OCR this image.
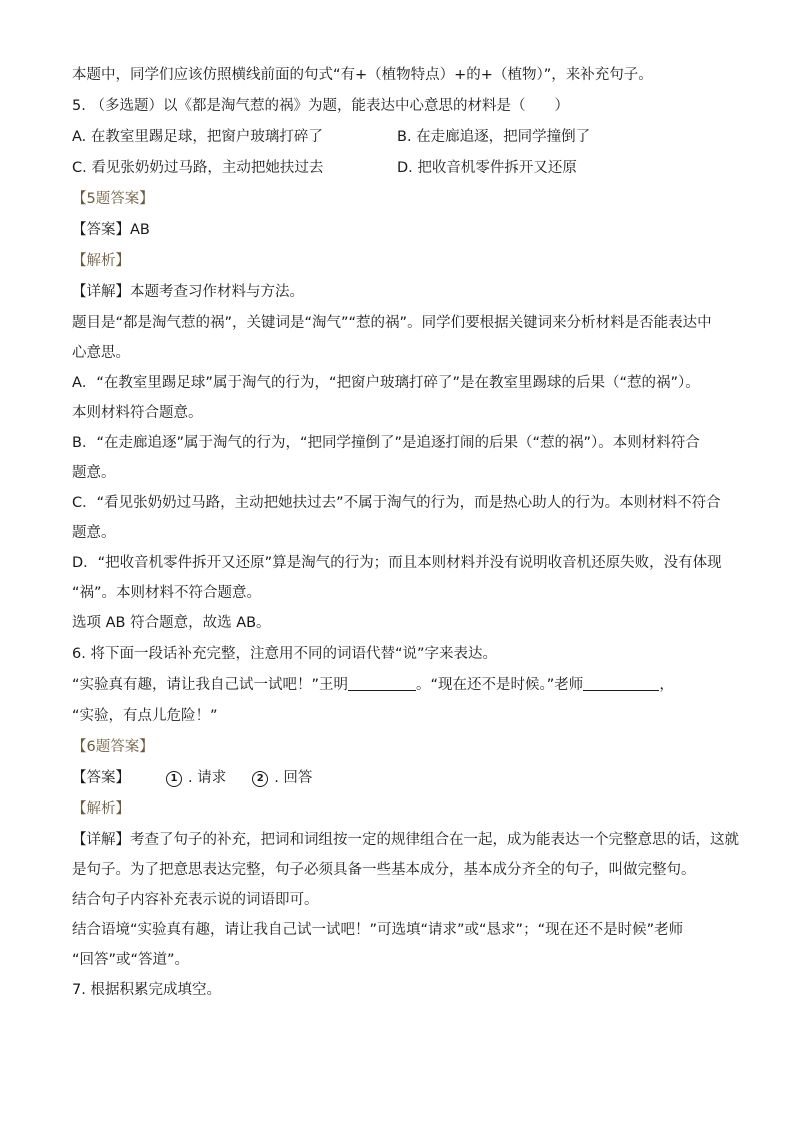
本题中，同学们应该仿照横线前面的句式“有+（植物特点）+的+（植物）”，来补充句子。
5. （多选题）以《都是淘气惹的祸》为题，能表达中心意思的材料是（　　）
A. 在教室里踢足球，把窗户玻璃打碎了	B. 在走廊追逐，把同学撞倒了
C. 看见张奶奶过马路，主动把她扶过去	D. 把收音机零件拆开又还原
【5题答案】
【答案】AB
【解析】
【详解】本题考查习作材料与方法。
题目是“都是淘气惹的祸”，关键词是“淘气”“惹的祸”。同学们要根据关键词来分析材料是否能表达中
心意思。
A．“在教室里踢足球”属于淘气的行为，“把窗户玻璃打碎了”是在教室里踢球的后果（“惹的祸”）。
本则材料符合题意。
B．“在走廊追逐”属于淘气的行为，“把同学撞倒了”是追逐打闹的后果（“惹的祸”）。本则材料符合
题意。
C．“看见张奶奶过马路，主动把她扶过去”不属于淘气的行为，而是热心助人的行为。本则材料不符合
题意。
D．“把收音机零件拆开又还原”算是淘气的行为；而且本则材料并没有说明收音机还原失败，没有体现
“祸”。本则材料不符合题意。
选项 AB 符合题意，故选 AB。
6. 将下面一段话补充完整，注意用不同的词语代替“说”字来表达。
“实验真有趣，请让我自己试一试吧！”王明	。“现在还不是时候。”老师	，
“实验，有点儿危险！”
【6题答案】
【答案】	1 . 请求	2 . 回答
【解析】
【详解】考查了句子的补充，把词和词组按一定的规律组合在一起，成为能表达一个完整意思的话，这就
是句子。为了把意思表达完整，句子必须具备一些基本成分，基本成分齐全的句子，叫做完整句。
结合句子内容补充表示说的词语即可。
结合语境“实验真有趣，请让我自己试一试吧！”可选填“请求”或“恳求”；“现在还不是时候”老师
“回答”或“答道”。
7. 根据积累完成填空。
